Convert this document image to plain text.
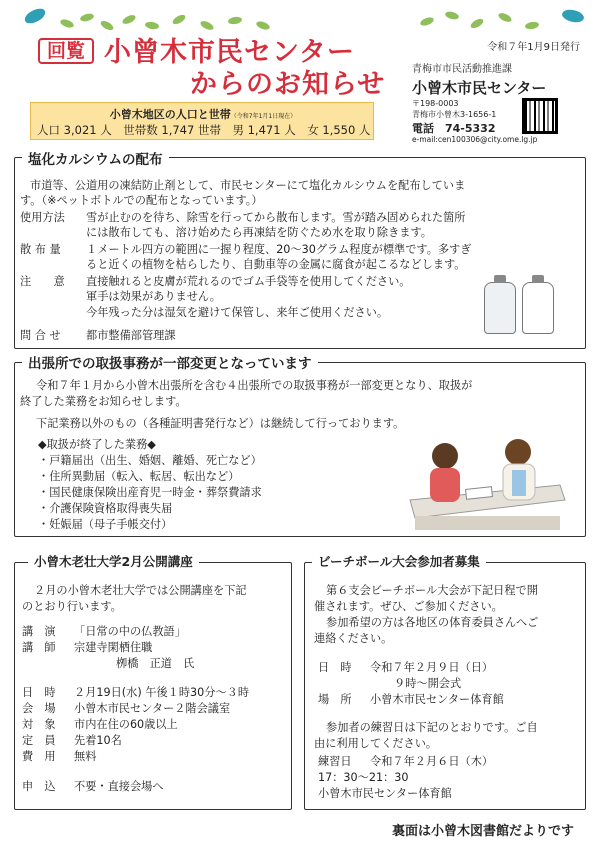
回覧 小曾木市民センター
からのお知らせ
令和７年1月9日発行
青梅市市民活動推進課
小曾木市民センター
小曾木地区の人口と世帯（令和7年1月1日現在）
人口 3,021 人　世帯数 1,747 世帯　男 1,471 人　女 1,550 人
〒198-0003
青梅市小曾木3-1656-1
電話　74-5332
e-mail:cen100306@city.ome.lg.jp
塩化カルシウムの配布
市道等、公道用の凍結防止剤として、市民センターにて塩化カルシウムを配布していま
す。（※ペットボトルでの配布となっています。）
使用方法 雪が止むのを待ち、除雪を行ってから散布します。雪が踏み固められた箇所
には散布しても、溶け始めたら再凍結を防ぐため水を取り除きます。
散 布 量 １メートル四方の範囲に一握り程度、20～30グラム程度が標準です。多すぎ
ると近くの植物を枯らしたり、自動車等の金属に腐食が起こるなどします。
注　　意 直接触れると皮膚が荒れるのでゴム手袋等を使用してください。
軍手は効果がありません。
今年残った分は湿気を避けて保管し、来年ご使用ください。
問 合 せ 都市整備部管理課
出張所での取扱事務が一部変更となっています
令和７年１月から小曾木出張所を含む４出張所での取扱事務が一部変更となり、取扱が
終了した業務をお知らせします。
下記業務以外のもの（各種証明書発行など）は継続して行っております。
◆取扱が終了した業務◆
・戸籍届出（出生、婚姻、離婚、死亡など）
・住所異動届（転入、転居、転出など）
・国民健康保険出産育児一時金・葬祭費請求
・介護保険資格取得喪失届
・妊娠届（母子手帳交付）
小曾木老壮大学2月公開講座
２月の小曾木老壮大学では公開講座を下記
のとおり行います。
講　演 「日常の中の仏教語」
講　師 宗建寺閑栖住職
栁橋　正道　氏
日　時 ２月19日(水) 午後１時30分～３時
会　場 小曾木市民センター２階会議室
対　象 市内在住の60歳以上
定　員 先着10名
費　用 無料
申　込 不要・直接会場へ
ビーチボール大会参加者募集
第６支会ビーチボール大会が下記日程で開
催されます。ぜひ、ご参加ください。
参加希望の方は各地区の体育委員さんへご
連絡ください。
日　時 令和７年２月９日（日）
９時～開会式
場　所 小曾木市民センター体育館
参加者の練習日は下記のとおりです。ご自
由に利用してください。
練習日 令和７年２月６日（木）
17：30～21：30
小曾木市民センター体育館
裏面は小曾木図書館だよりです
